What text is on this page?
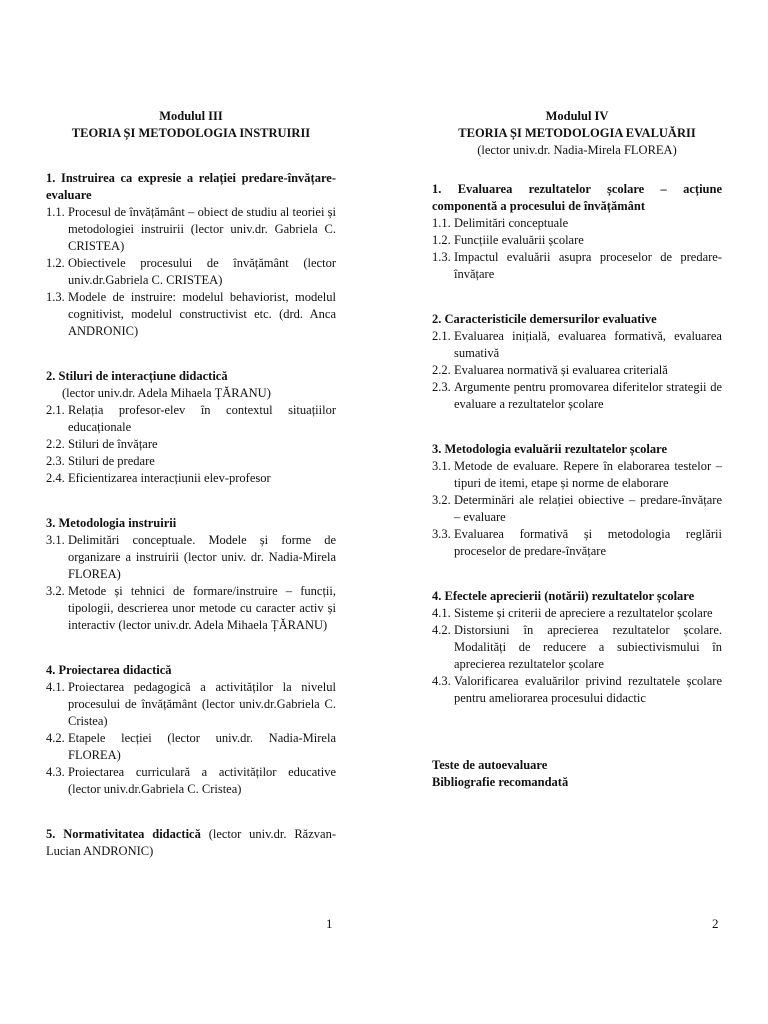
Modulul III
TEORIA ȘI METODOLOGIA INSTRUIRII
1. Instruirea ca expresie a relației predare-învățare-evaluare
1.1. Procesul de învățământ – obiect de studiu al teoriei și metodologiei instruirii (lector univ.dr. Gabriela C. CRISTEA)
1.2. Obiectivele procesului de învățământ (lector univ.dr.Gabriela C. CRISTEA)
1.3. Modele de instruire: modelul behaviorist, modelul cognitivist, modelul constructivist etc. (drd. Anca ANDRONIC)
2. Stiluri de interacțiune didactică
(lector univ.dr. Adela Mihaela ȚĂRANU)
2.1. Relația profesor-elev în contextul situațiilor educaționale
2.2. Stiluri de învățare
2.3. Stiluri de predare
2.4. Eficientizarea interacțiunii elev-profesor
3. Metodologia instruirii
3.1. Delimitări conceptuale. Modele și forme de organizare a instruirii (lector univ. dr. Nadia-Mirela FLOREA)
3.2. Metode și tehnici de formare/instruire – funcții, tipologii, descrierea unor metode cu caracter activ și interactiv (lector univ.dr. Adela Mihaela ȚĂRANU)
4. Proiectarea didactică
4.1. Proiectarea pedagogică a activităților la nivelul procesului de învățământ (lector univ.dr.Gabriela C. Cristea)
4.2. Etapele lecției (lector univ.dr. Nadia-Mirela FLOREA)
4.3. Proiectarea curriculară a activităților educative (lector univ.dr.Gabriela C. Cristea)
5. Normativitatea didactică (lector univ.dr. Răzvan-Lucian ANDRONIC)
1
Modulul IV
TEORIA ȘI METODOLOGIA EVALUĂRII
(lector univ.dr. Nadia-Mirela FLOREA)
1. Evaluarea rezultatelor școlare – acțiune componentă a procesului de învățământ
1.1. Delimitări conceptuale
1.2. Funcțiile evaluării școlare
1.3. Impactul evaluării asupra proceselor de predare-învățare
2. Caracteristicile demersurilor evaluative
2.1. Evaluarea inițială, evaluarea formativă, evaluarea sumativă
2.2. Evaluarea normativă și evaluarea criterială
2.3. Argumente pentru promovarea diferitelor strategii de evaluare a rezultatelor școlare
3. Metodologia evaluării rezultatelor școlare
3.1. Metode de evaluare. Repere în elaborarea testelor – tipuri de itemi, etape și norme de elaborare
3.2. Determinări ale relației obiective – predare-învățare – evaluare
3.3. Evaluarea formativă și metodologia reglării proceselor de predare-învățare
4. Efectele aprecierii (notării) rezultatelor școlare
4.1. Sisteme și criterii de apreciere a rezultatelor școlare
4.2. Distorsiuni în aprecierea rezultatelor școlare. Modalități de reducere a subiectivismului în aprecierea rezultatelor școlare
4.3. Valorificarea evaluărilor privind rezultatele școlare pentru ameliorarea procesului didactic
Teste de autoevaluare
Bibliografie recomandată
2
